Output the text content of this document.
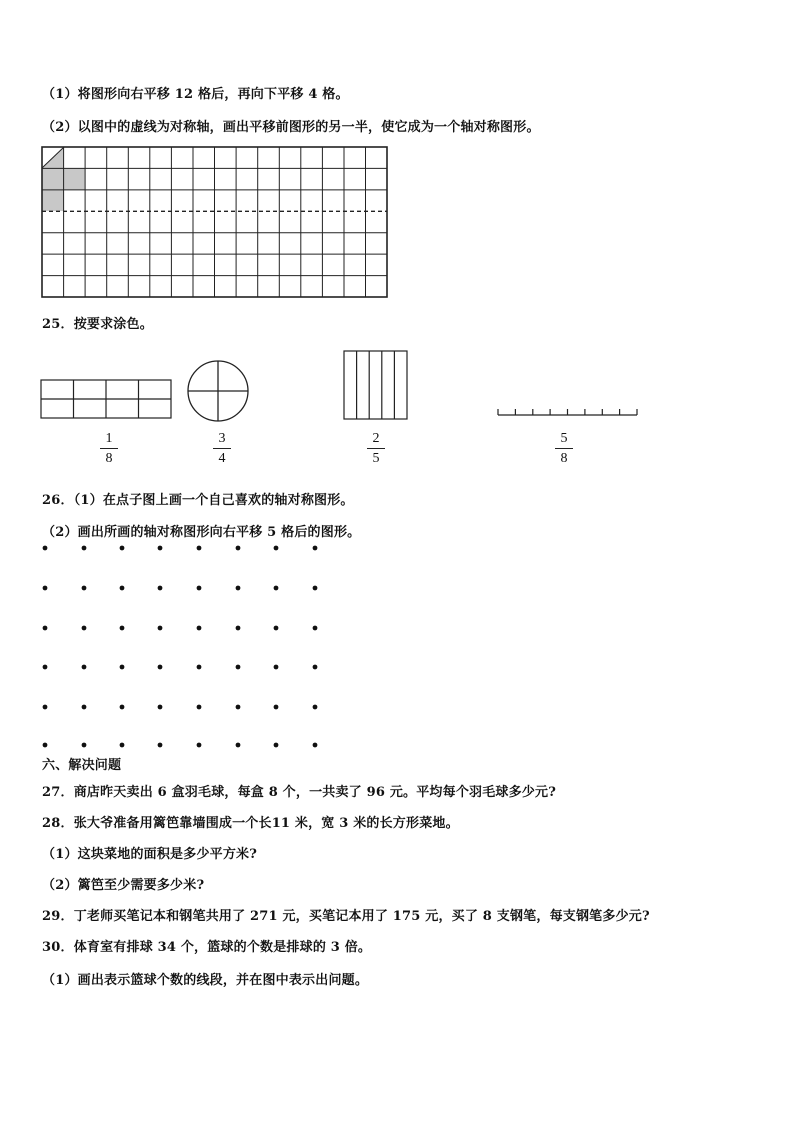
（1）将图形向右平移 12 格后，再向下平移 4 格。
（2）以图中的虚线为对称轴，画出平移前图形的另一半，使它成为一个轴对称图形。
25．按要求涂色。
1
8
3
4
2
5
5
8
26．（1）在点子图上画一个自己喜欢的轴对称图形。
（2）画出所画的轴对称图形向右平移 5 格后的图形。
六、解决问题
27．商店昨天卖出 6 盒羽毛球，每盒 8 个，一共卖了 96 元。平均每个羽毛球多少元?
28．张大爷准备用篱笆靠墙围成一个长11 米，宽 3 米的长方形菜地。
（1）这块菜地的面积是多少平方米?
（2）篱笆至少需要多少米?
29．丁老师买笔记本和钢笔共用了 271 元，买笔记本用了 175 元，买了 8 支钢笔，每支钢笔多少元?
30．体育室有排球 34 个，篮球的个数是排球的 3 倍。
（1）画出表示篮球个数的线段，并在图中表示出问题。
